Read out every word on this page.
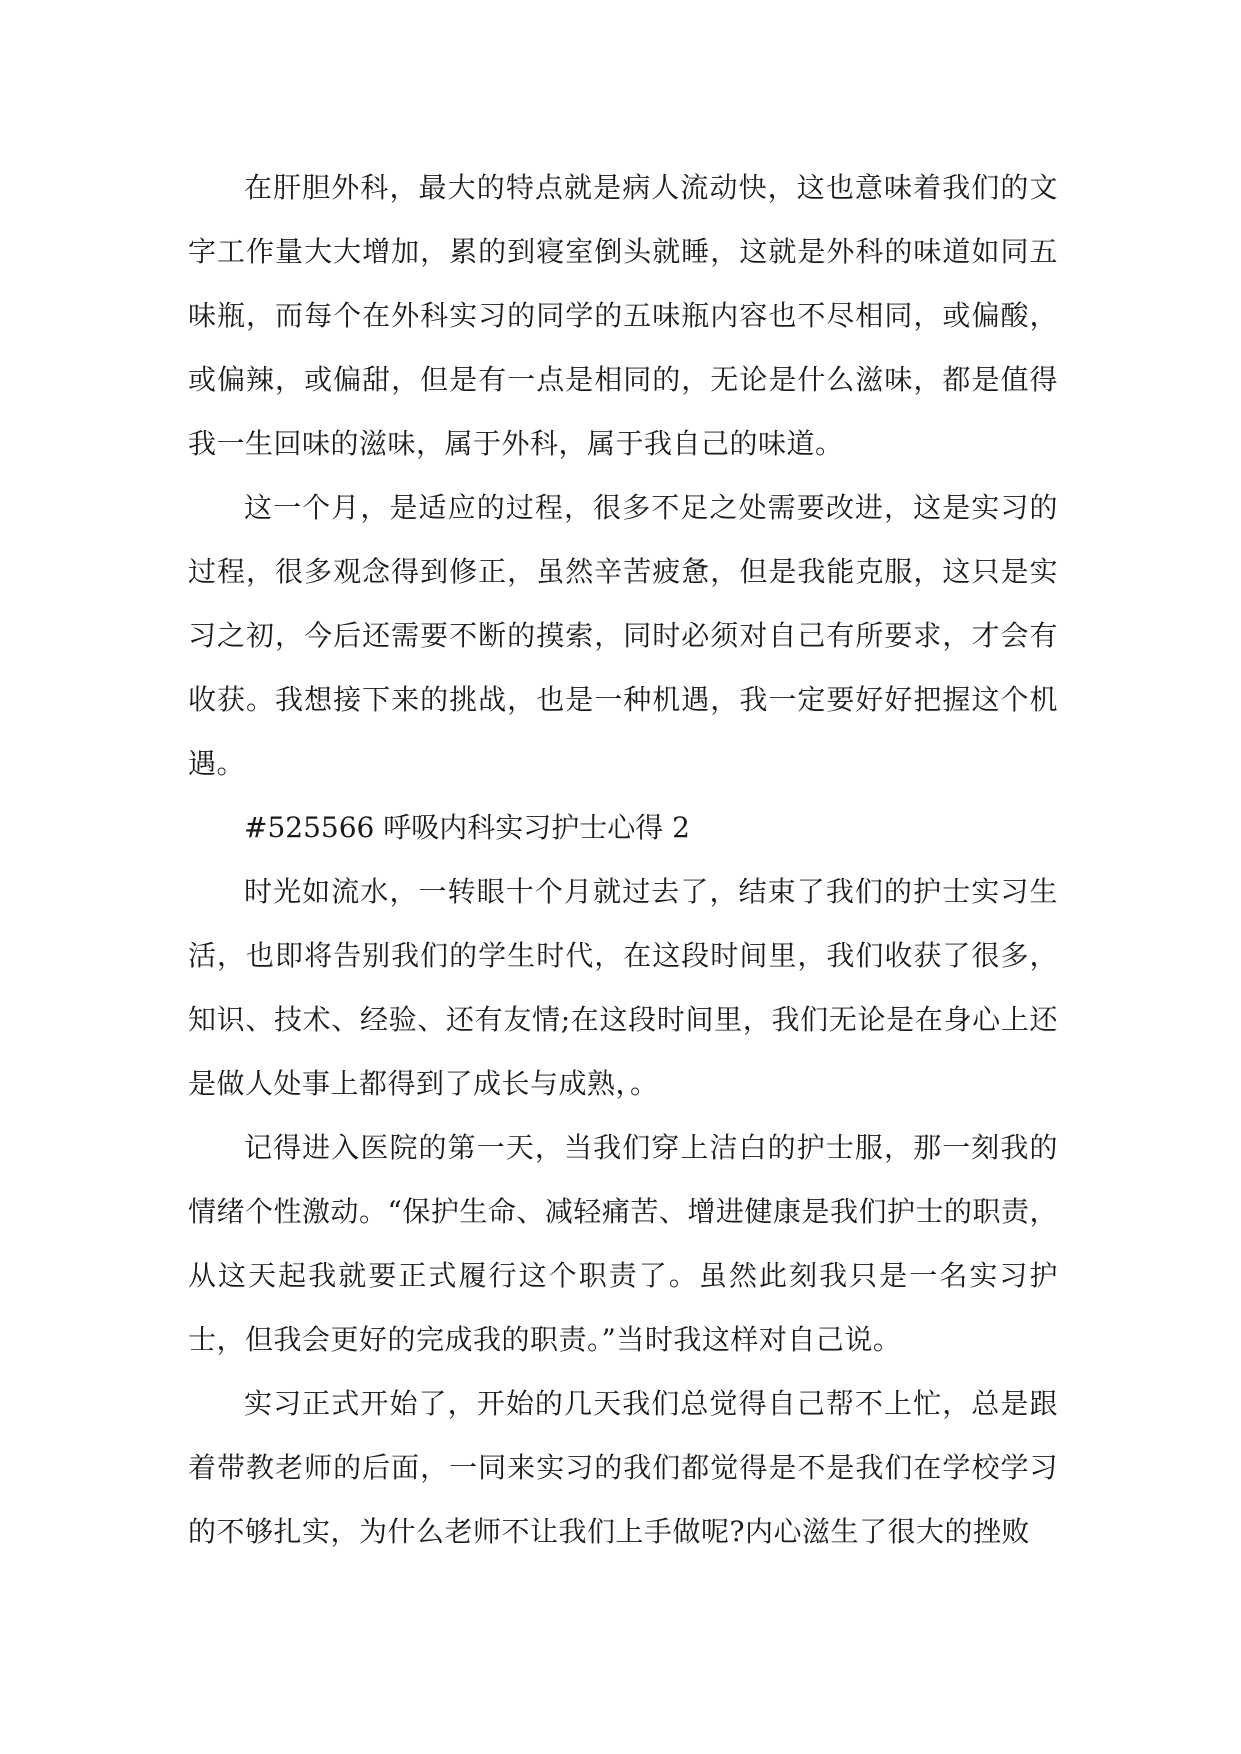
在肝胆外科，最大的特点就是病人流动快，这也意味着我们的文字工作量大大增加，累的到寝室倒头就睡，这就是外科的味道如同五味瓶，而每个在外科实习的同学的五味瓶内容也不尽相同，或偏酸，或偏辣，或偏甜，但是有一点是相同的，无论是什么滋味，都是值得我一生回味的滋味，属于外科，属于我自己的味道。

这一个月，是适应的过程，很多不足之处需要改进，这是实习的过程，很多观念得到修正，虽然辛苦疲惫，但是我能克服，这只是实习之初，今后还需要不断的摸索，同时必须对自己有所要求，才会有收获。我想接下来的挑战，也是一种机遇，我一定要好好把握这个机遇。

#525566 呼吸内科实习护士心得 2

时光如流水，一转眼十个月就过去了，结束了我们的护士实习生活，也即将告别我们的学生时代，在这段时间里，我们收获了很多，知识、技术、经验、还有友情;在这段时间里，我们无论是在身心上还是做人处事上都得到了成长与成熟，。

记得进入医院的第一天，当我们穿上洁白的护士服，那一刻我的情绪个性激动。“保护生命、减轻痛苦、增进健康是我们护士的职责，从这天起我就要正式履行这个职责了。虽然此刻我只是一名实习护士，但我会更好的完成我的职责。”当时我这样对自己说。

实习正式开始了，开始的几天我们总觉得自己帮不上忙，总是跟着带教老师的后面，一同来实习的我们都觉得是不是我们在学校学习的不够扎实，为什么老师不让我们上手做呢?内心滋生了很大的挫败
